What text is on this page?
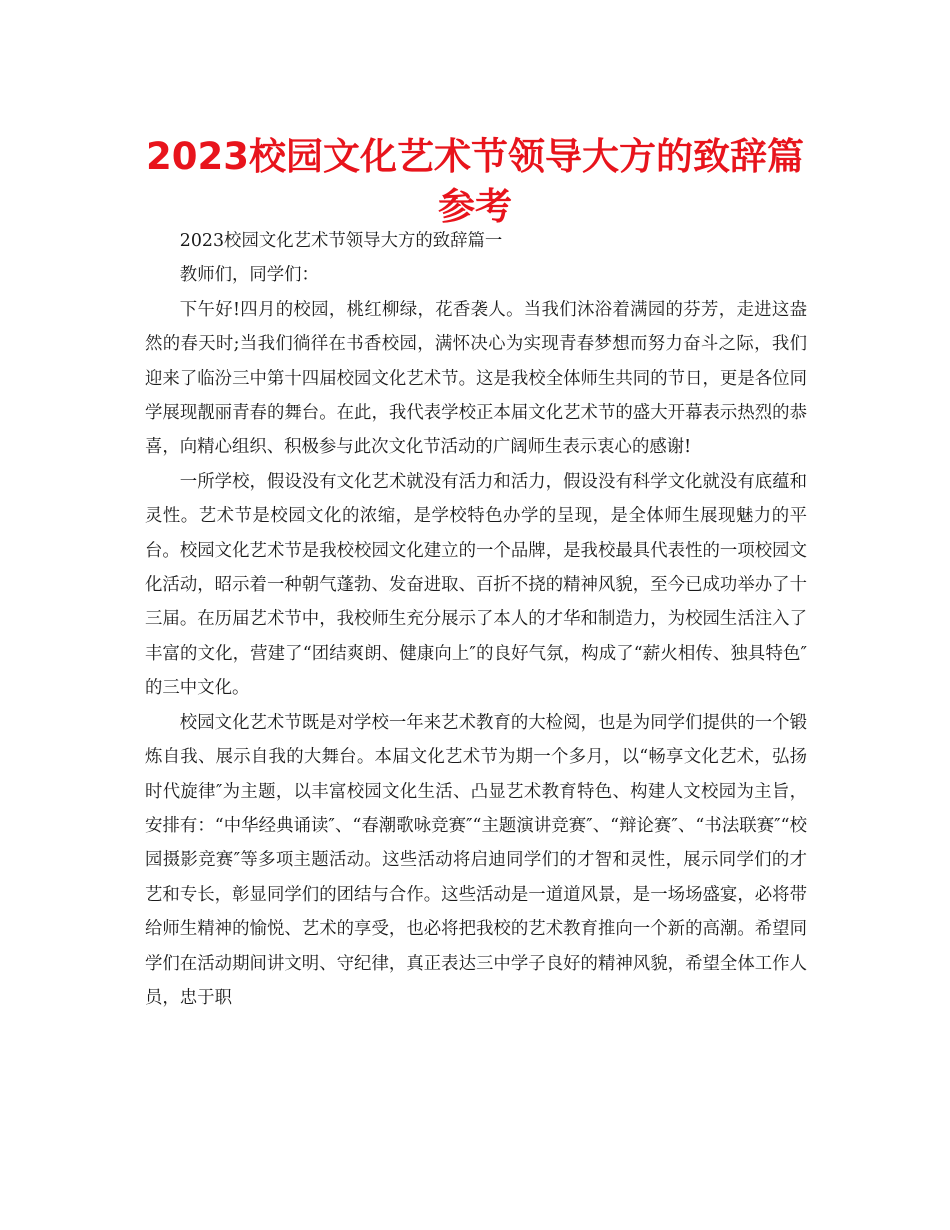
2023校园文化艺术节领导大方的致辞篇参考

2023校园文化艺术节领导大方的致辞篇一

教师们，同学们：

下午好!四月的校园，桃红柳绿，花香袭人。当我们沐浴着满园的芬芳，走进这盎然的春天时;当我们徜徉在书香校园，满怀决心为实现青春梦想而努力奋斗之际，我们迎来了临汾三中第十四届校园文化艺术节。这是我校全体师生共同的节日，更是各位同学展现靓丽青春的舞台。在此，我代表学校正本届文化艺术节的盛大开幕表示热烈的恭喜，向精心组织、积极参与此次文化节活动的广阔师生表示衷心的感谢!

一所学校，假设没有文化艺术就没有活力和活力，假设没有科学文化就没有底蕴和灵性。艺术节是校园文化的浓缩，是学校特色办学的呈现，是全体师生展现魅力的平台。校园文化艺术节是我校校园文化建立的一个品牌，是我校最具代表性的一项校园文化活动，昭示着一种朝气蓬勃、发奋进取、百折不挠的精神风貌，至今已成功举办了十三届。在历届艺术节中，我校师生充分展示了本人的才华和制造力，为校园生活注入了丰富的文化，营建了“团结爽朗、健康向上″的良好气氛，构成了“薪火相传、独具特色″的三中文化。

校园文化艺术节既是对学校一年来艺术教育的大检阅，也是为同学们提供的一个锻炼自我、展示自我的大舞台。本届文化艺术节为期一个多月，以“畅享文化艺术，弘扬时代旋律″为主题，以丰富校园文化生活、凸显艺术教育特色、构建人文校园为主旨，安排有：“中华经典诵读″、“春潮歌咏竞赛″“主题演讲竞赛″、“辩论赛″、“书法联赛″“校园摄影竞赛″等多项主题活动。这些活动将启迪同学们的才智和灵性，展示同学们的才艺和专长，彰显同学们的团结与合作。这些活动是一道道风景，是一场场盛宴，必将带给师生精神的愉悦、艺术的享受，也必将把我校的艺术教育推向一个新的高潮。希望同学们在活动期间讲文明、守纪律，真正表达三中学子良好的精神风貌，希望全体工作人员，忠于职
